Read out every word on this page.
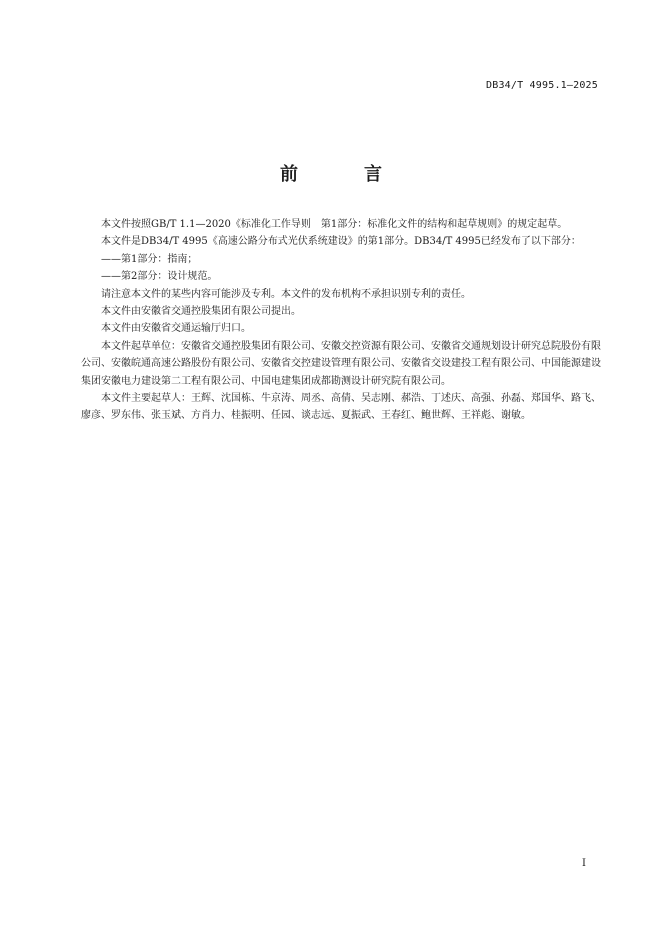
DB34/T 4995.1—2025
前　言

本文件按照GB/T 1.1—2020《标准化工作导则　第1部分：标准化文件的结构和起草规则》的规定起草。

本文件是DB34/T 4995《高速公路分布式光伏系统建设》的第1部分。DB34/T 4995已经发布了以下部分：

——第1部分：指南；

——第2部分：设计规范。

请注意本文件的某些内容可能涉及专利。本文件的发布机构不承担识别专利的责任。

本文件由安徽省交通控股集团有限公司提出。

本文件由安徽省交通运输厅归口。

本文件起草单位：安徽省交通控股集团有限公司、安徽交控资源有限公司、安徽省交通规划设计研究总院股份有限公司、安徽皖通高速公路股份有限公司、安徽省交控建设管理有限公司、安徽省交设建投工程有限公司、中国能源建设集团安徽电力建设第二工程有限公司、中国电建集团成都勘测设计研究院有限公司。

本文件主要起草人：王辉、沈国栋、牛京涛、周丞、高倩、吴志刚、郝浩、丁述庆、高强、孙磊、郑国华、路飞、廖彦、罗东伟、张玉斌、方肖力、桂振明、任园、谈志远、夏振武、王春红、鲍世辉、王祥彪、谢敏。

I
